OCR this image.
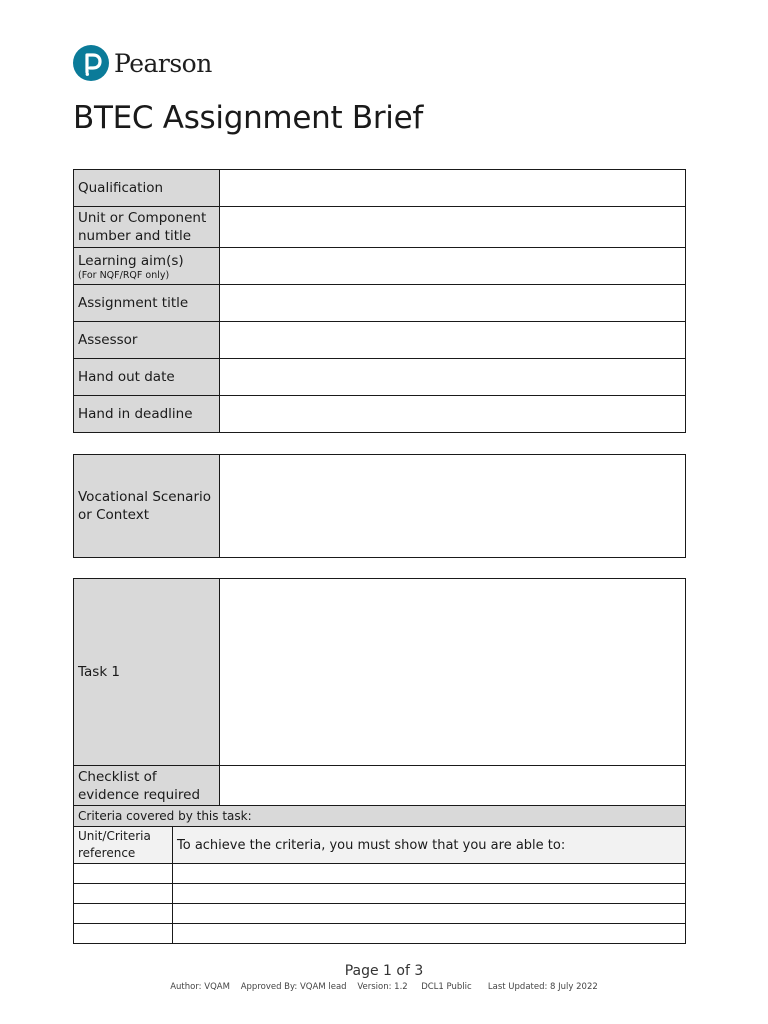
Pearson
BTEC Assignment Brief
Qualification	
Unit or Component number and title	
Learning aim(s)
(For NQF/RQF only)	

Assignment title	
Assessor	
Hand out date	
Hand in deadline	
Vocational Scenario or Context	
Task 1		
Checklist of evidence required		
Criteria covered by this task:		
Unit/Criteria reference	To achieve the criteria, you must show that you are able to:	

Page 1 of 3
Author: VQAM    Approved By: VQAM lead    Version: 1.2     DCL1 Public      Last Updated: 8 July 2022
